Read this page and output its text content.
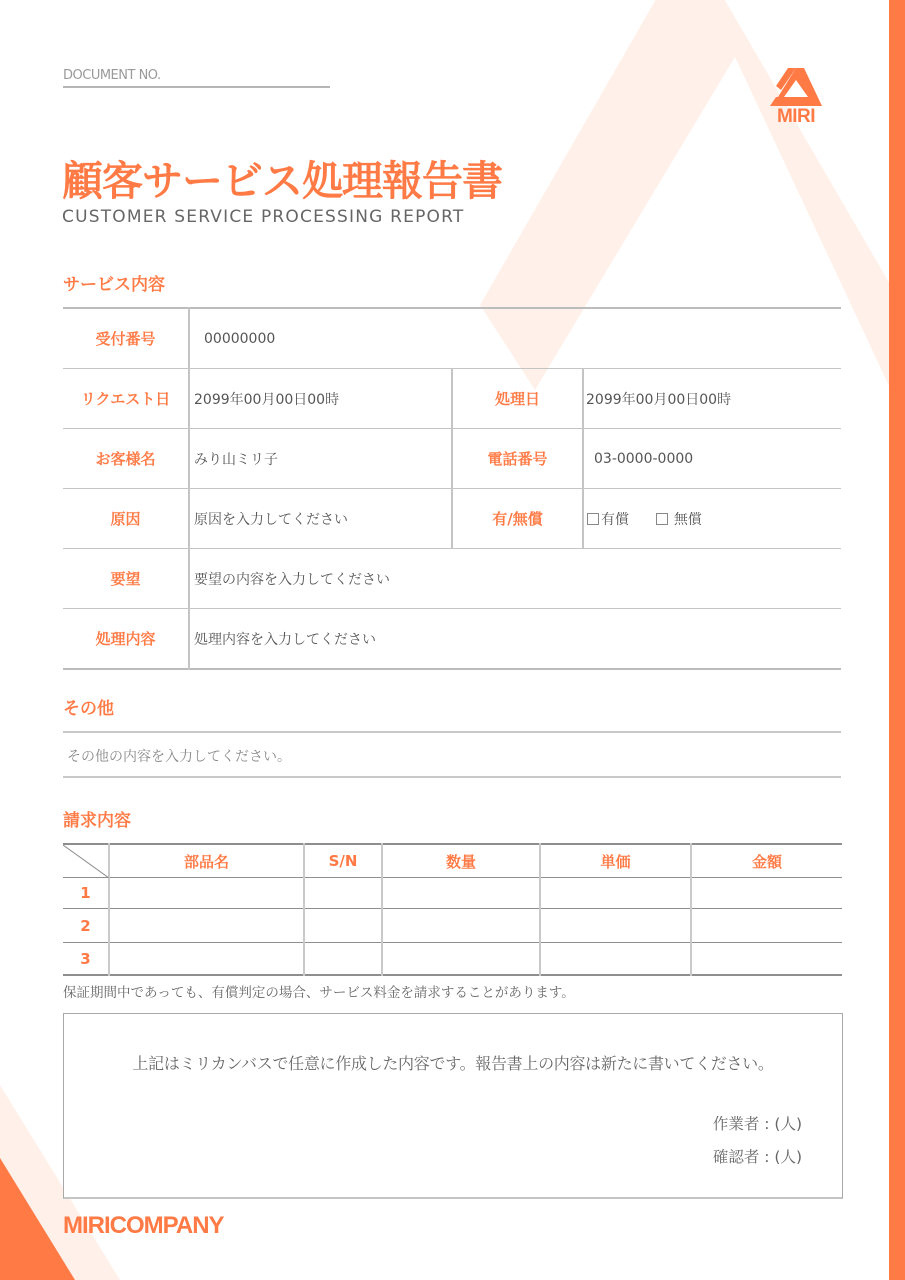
DOCUMENT NO.
MIRI
顧客サービス処理報告書
CUSTOMER SERVICE PROCESSING REPORT
サービス内容
受付番号	00000000		
リクエスト日	2099年00月00日00時	処理日	2099年00月00日00時
お客様名	みり山ミリ子	電話番号	03-0000-0000
原因	原因を入力してください	有/無償	有償 無償
要望	要望の内容を入力してください		
処理内容	処理内容を入力してください		
その他
その他の内容を入力してください。
請求内容
	部品名	S/N	数量	単価	金額
1					
2					
3					
保証期間中であっても、有償判定の場合、サービス料金を請求することがあります。
上記はミリカンバスで任意に作成した内容です。報告書上の内容は新たに書いてください。
作業者 : (人)
確認者 : (人)
MIRICOMPANY
